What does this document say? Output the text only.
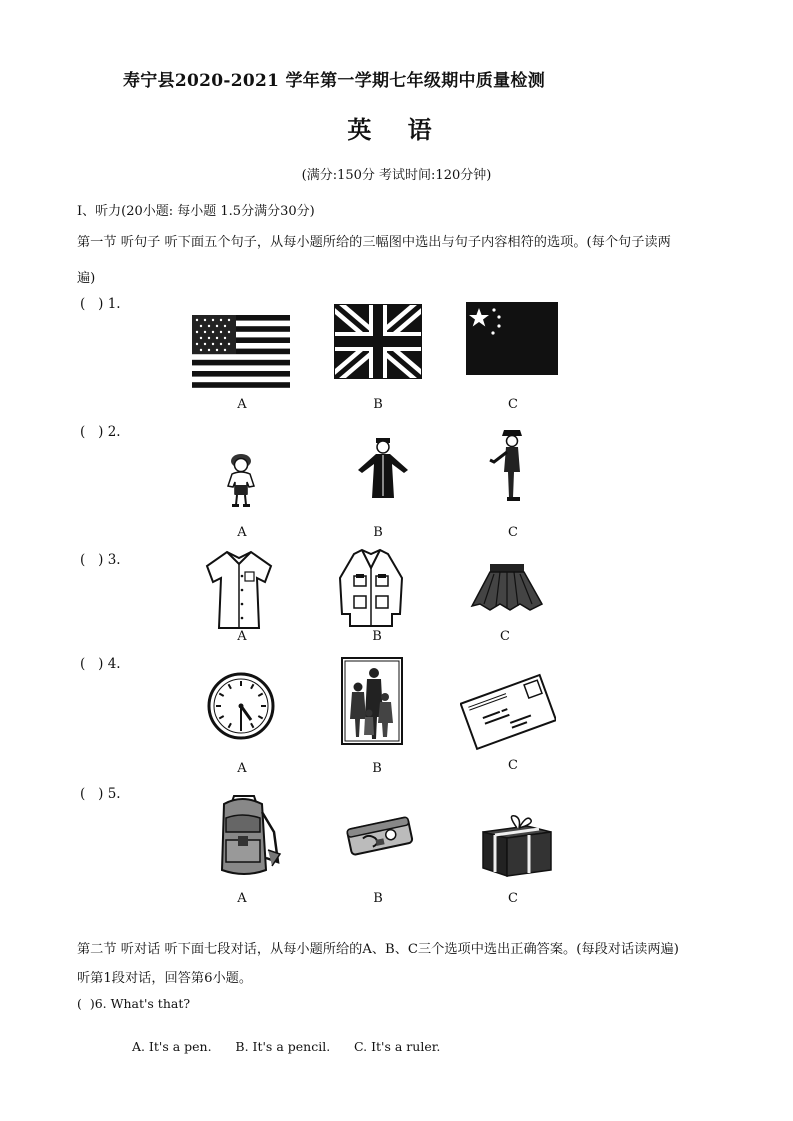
寿宁县2020-2021 学年第一学期七年级期中质量检测
英 语
(满分:150分 考试时间:120分钟)
I、听力(20小题: 每小题 1.5分满分30分)
第一节 听句子 听下面五个句子，从每小题所给的三幅图中选出与句子内容相符的选项。(每个句子读两
遍)
(   ) 1.
A	B	C
(   ) 2.
A	B	C
(   ) 3.
A	B	C
(   ) 4.
A	B	C
(   ) 5.
A	B	C
第二节 听对话 听下面七段对话，从每小题所给的A、B、C三个选项中选出正确答案。(每段对话读两遍)
听第1段对话，回答第6小题。
(  )6. What's that?

A. It's a pen. B. It's a pencil. C. It's a ruler.
